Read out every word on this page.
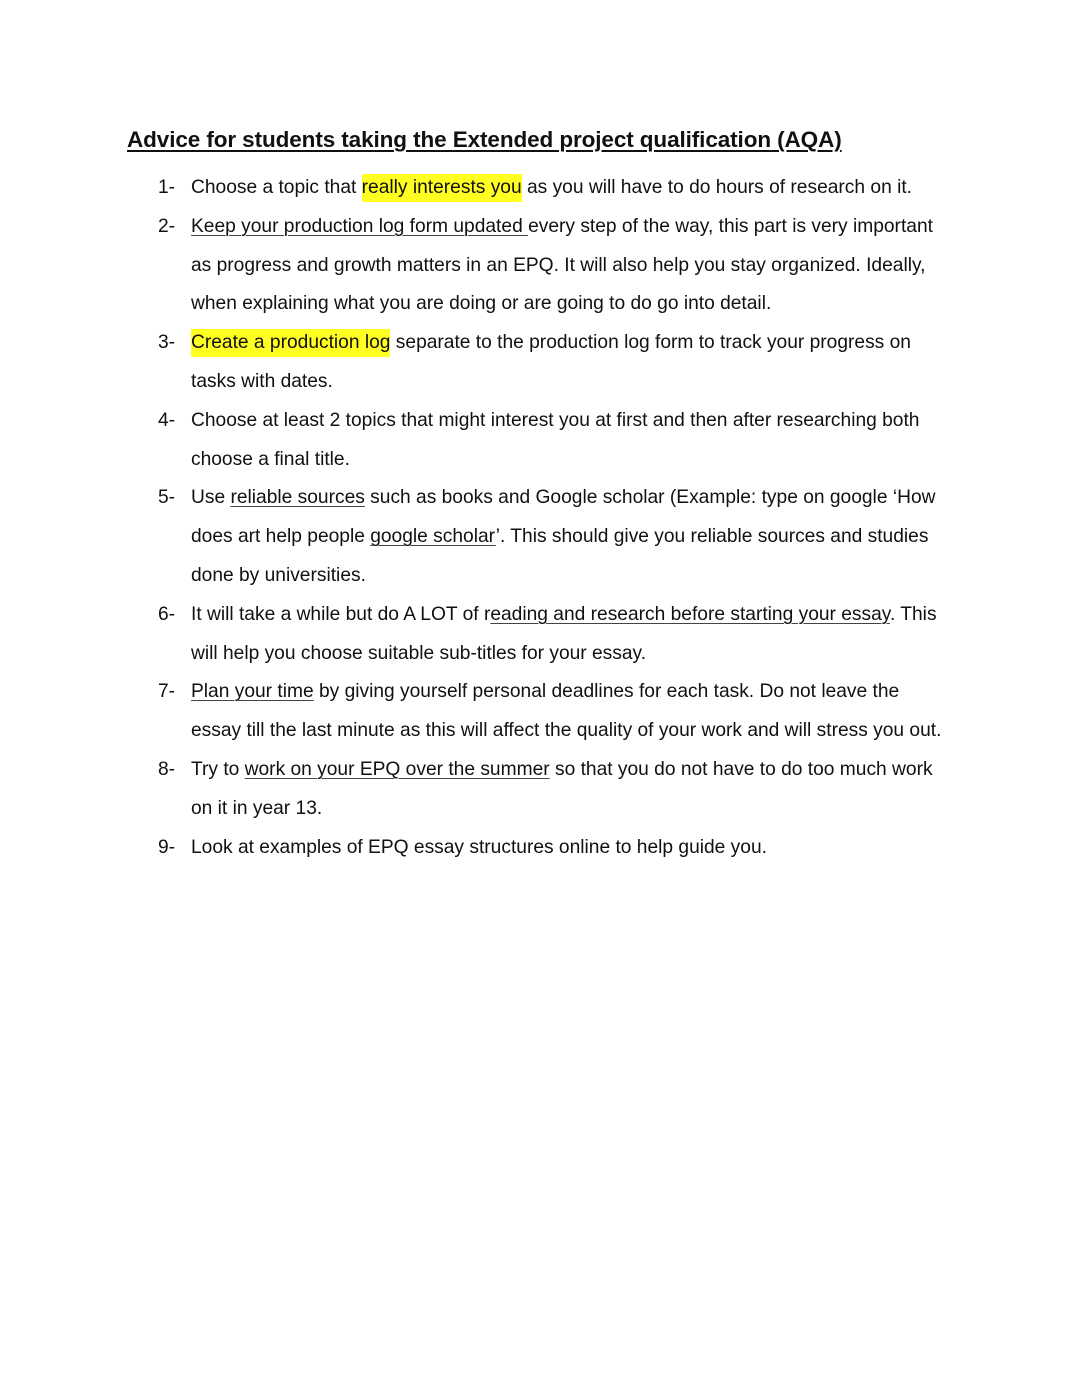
Advice for students taking the Extended project qualification (AQA)
1- Choose a topic that really interests you as you will have to do hours of research on it.
2- Keep your production log form updated every step of the way, this part is very important as progress and growth matters in an EPQ. It will also help you stay organized. Ideally, when explaining what you are doing or are going to do go into detail.
3- Create a production log separate to the production log form to track your progress on tasks with dates.
4- Choose at least 2 topics that might interest you at first and then after researching both choose a final title.
5- Use reliable sources such as books and Google scholar (Example: type on google ‘How does art help people google scholar’. This should give you reliable sources and studies done by universities.
6- It will take a while but do A LOT of reading and research before starting your essay. This will help you choose suitable sub-titles for your essay.
7- Plan your time by giving yourself personal deadlines for each task. Do not leave the essay till the last minute as this will affect the quality of your work and will stress you out.
8- Try to work on your EPQ over the summer so that you do not have to do too much work on it in year 13.
9- Look at examples of EPQ essay structures online to help guide you.
